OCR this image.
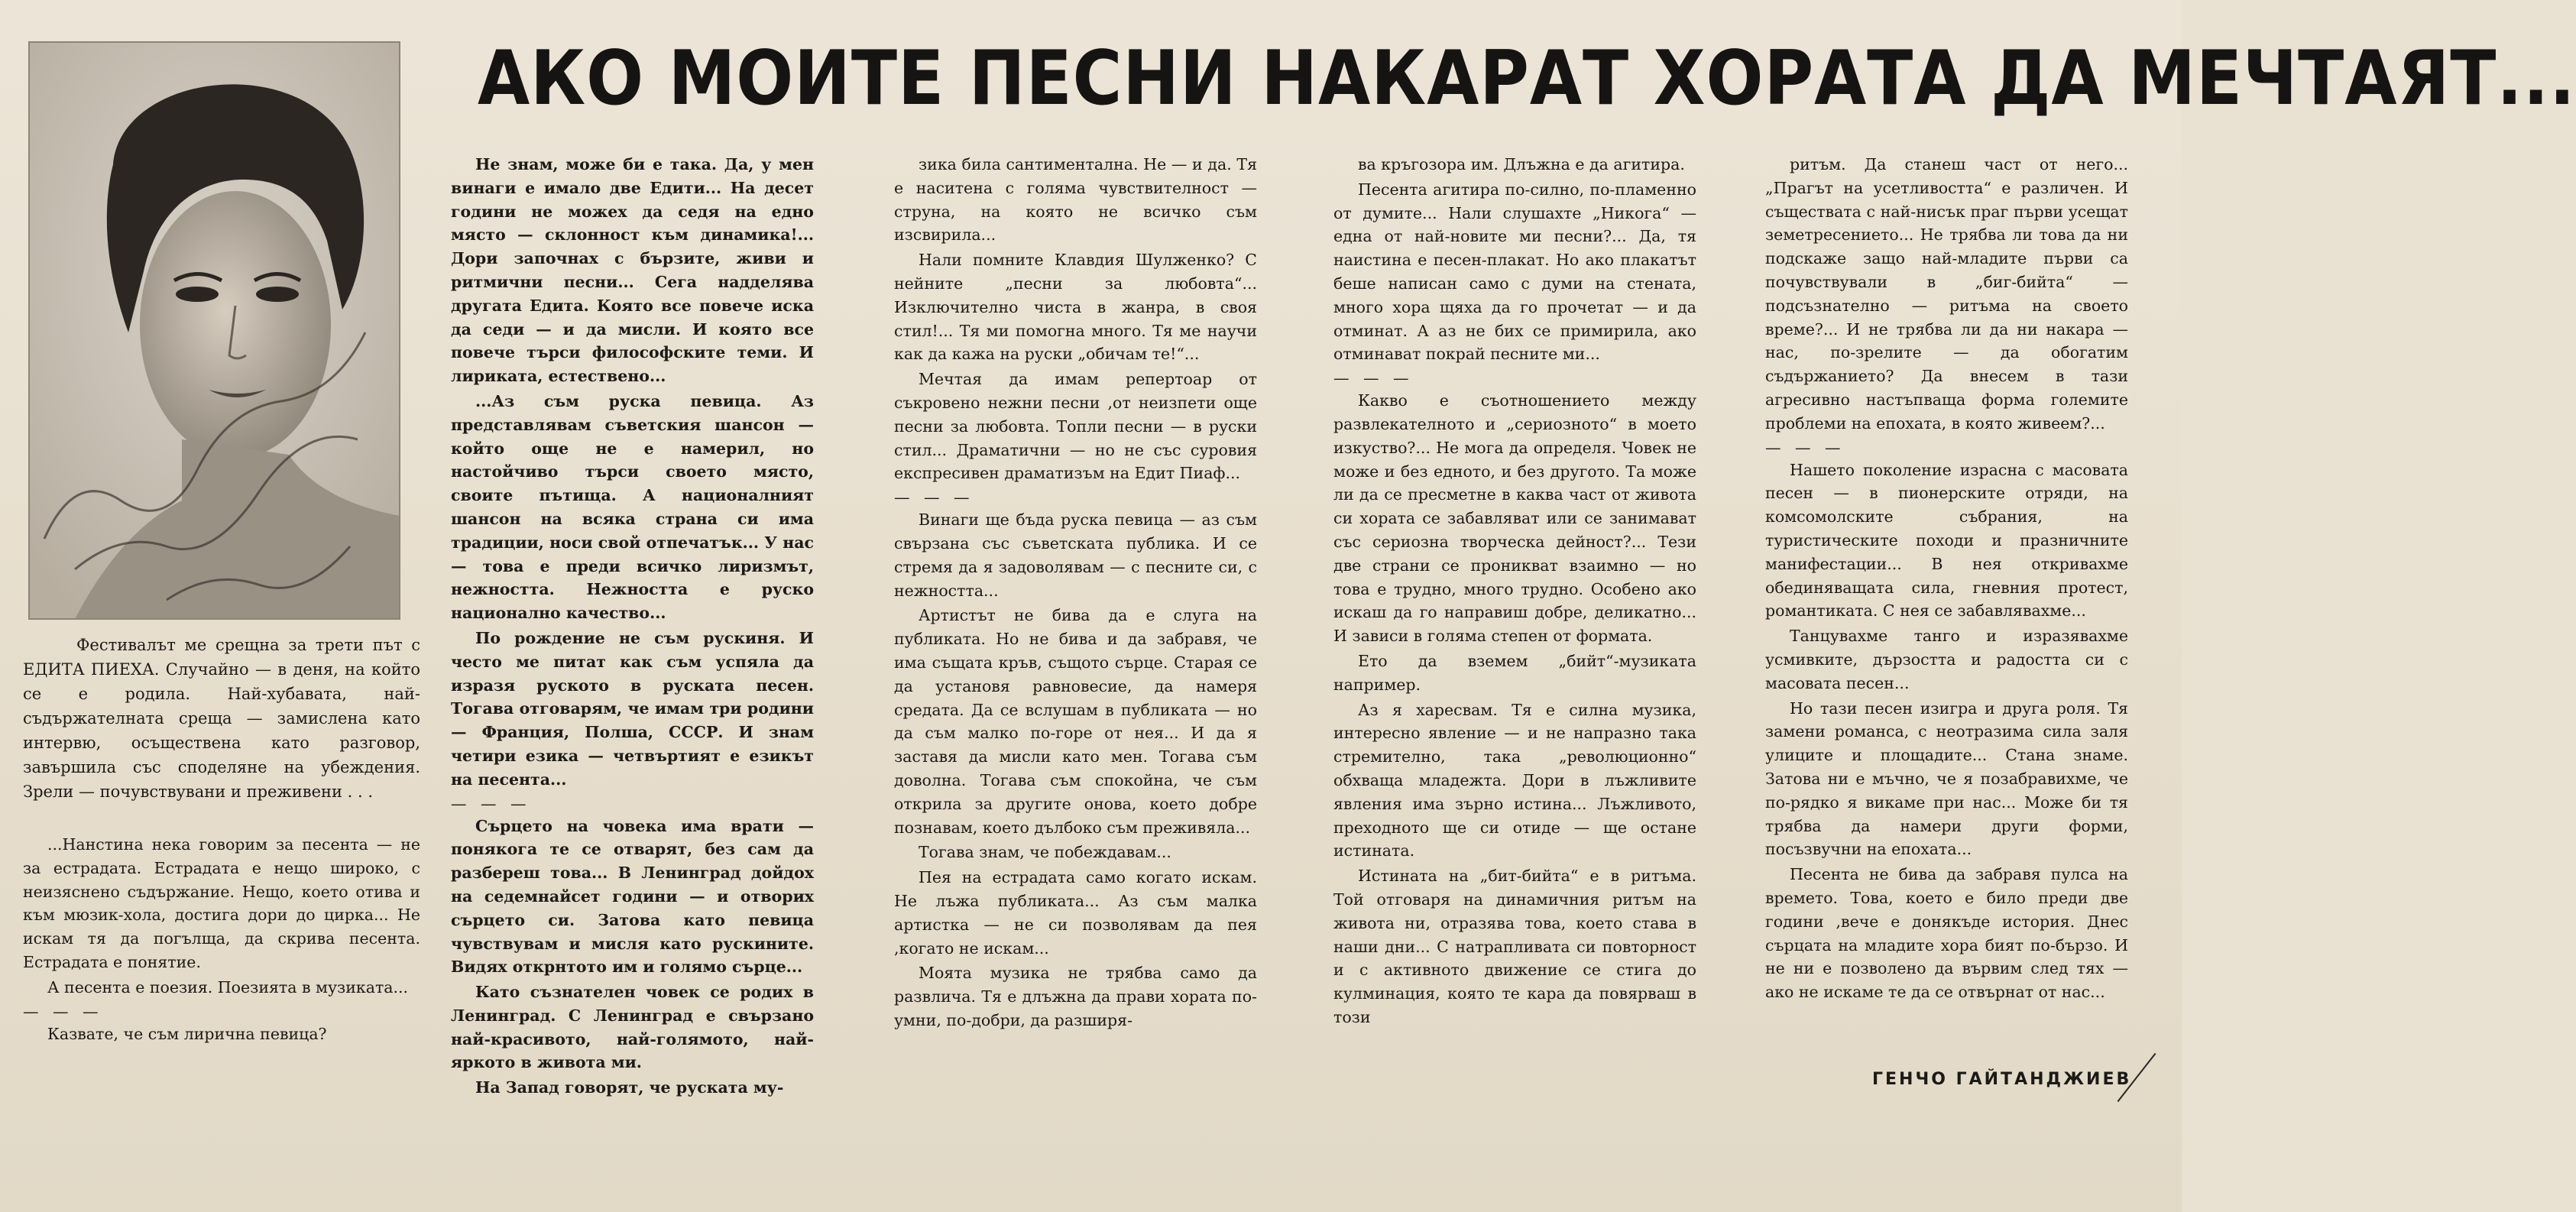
АКО МОИТЕ ПЕСНИ НАКАРАТ ХОРАТА ДА МЕЧТАЯТ...

Фестивалът ме срещна за трети път с ЕДИТА ПИЕХА. Случайно — в деня, на който се е родила. Най-хубавата, най-съдържателната среща — замислена като интервю, осъществена като разговор, завършила със споделяне на убеждения. Зрели — почувствувани и преживени . . .

...Нанстина нека говорим за песента — не за естрадата. Естрадата е нещо широко, с неизяснено съдържание. Нещо, което отива и към мюзик-хола, достига дори до цирка... Не искам тя да погълща, да скрива песента. Естрадата е понятие.

А песента е поезия. Поезията в музиката...

— — —

Казвате, че съм лирична певица?

Не знам, може би е така. Да, у мен винаги е имало две Едити... На десет години не можех да седя на едно място — склонност към динамика!... Дори започнах с бързите, живи и ритмични песни... Сега надделява другата Едита. Която все повече иска да седи — и да мисли. И която все повече търси философските теми. И лириката, естествено...

...Аз съм руска певица. Аз представлявам съветския шансон — който още не е намерил, но настойчиво търси своето място, своите пътища. А националният шансон на всяка страна си има традиции, носи свой отпечатък... У нас — това е преди всичко лиризмът, нежността. Нежността е руско национално качество...

По рождение не съм рускиня. И често ме питат как съм успяла да изразя руското в руската песен. Тогава отговарям, че имам три родини — Франция, Полша, СССР. И знам четири езика — четвъртият е езикът на песента...

— — —

Сърцето на човека има врати — понякога те се отварят, без сам да разбереш това... В Ленинград дойдох на седемнайсет години — и отворих сърцето си. Затова като певица чувствувам и мисля като рускините. Видях открнтото им и голямо сърце...

Като съзнателен човек се родих в Ленинград. С Ленинград е свързано най-красивото, най-голямото, най-яркото в живота ми.

На Запад говорят, че руската му-

зика била сантиментална. Не — и да. Тя е наситена с голяма чувствителност — струна, на която не всичко съм изсвирила...

Нали помните Клавдия Шулженко? С нейните „песни за любовта“... Изключително чиста в жанра, в своя стил!... Тя ми помогна много. Тя ме научи как да кажа на руски „обичам те!“...

Мечтая да имам репертоар от съкровено нежни песни ,от неизпети още песни за любовта. Топли песни — в руски стил... Драматични — но не със суровия експресивен драматизъм на Едит Пиаф...

— — —

Винаги ще бъда руска певица — аз съм свързана със съветската публика. И се стремя да я задоволявам — с песните си, с нежността...

Артистът не бива да е слуга на публиката. Но не бива и да забравя, че има същата кръв, същото сърце. Старая се да установя равновесие, да намеря средата. Да се вслушам в публиката — но да съм малко по-горе от нея... И да я заставя да мисли като мен. Тогава съм доволна. Тогава съм спокойна, че съм открила за другите онова, което добре познавам, което дълбоко съм преживяла...

Тогава знам, че побеждавам...

Пея на естрадата само когато искам. Не лъжа публиката... Аз съм малка артистка — не си позволявам да пея ,когато не искам...

Моята музика не трябва само да развлича. Тя е длъжна да прави хората по-умни, по-добри, да разширя-

ва кръгозора им. Длъжна е да агитира.

Песента агитира по-силно, по-пламенно от думите... Нали слушахте „Никога“ — една от най-новите ми песни?... Да, тя наистина е песен-плакат. Но ако плакатът беше написан само с думи на стената, много хора щяха да го прочетат — и да отминат. А аз не бих се примирила, ако отминават покрай песните ми...

— — —

Какво е съотношението между развлекателното и „сериозното“ в моето изкуство?... Не мога да определя. Човек не може и без едното, и без другото. Та може ли да се пресметне в каква част от живота си хората се забавляват или се занимават със сериозна творческа дейност?... Тези две страни се проникват взаимно — но това е трудно, много трудно. Особено ако искаш да го направиш добре, деликатно... И зависи в голяма степен от формата.

Ето да вземем „бийт“-музиката например.

Аз я харесвам. Тя е силна музика, интересно явление — и не напразно така стремително, така „революционно“ обхваща младежта. Дори в лъжливите явления има зърно истина... Лъжливото, преходното ще си отиде — ще остане истината.

Истината на „бит-бийта“ е в ритъма. Той отговаря на динамичния ритъм на живота ни, отразява това, което става в наши дни... С натрапливата си повторност и с активното движение се стига до кулминация, която те кара да повярваш в този

ритъм. Да станеш част от него... „Прагът на усетливостта“ е различен. И съществата с най-нисък праг първи усещат земетресението... Не трябва ли това да ни подскаже защо най-младите първи са почувствували в „биг-бийта“ — подсъзнателно — ритъма на своето време?... И не трябва ли да ни накара — нас, по-зрелите — да обогатим съдържанието? Да внесем в тази агресивно настъпваща форма големите проблеми на епохата, в която живеем?...

— — —

Нашето поколение израсна с масовата песен — в пионерските отряди, на комсомолските събрания, на туристическите походи и празничните манифестации... В нея откривахме обединяващата сила, гневния протест, романтиката. С нея се забавлявахме...

Танцувахме танго и изразявахме усмивките, дързостта и радостта си с масовата песен...

Но тази песен изигра и друга роля. Тя замени романса, с неотразима сила заля улиците и площадите... Стана знаме. Затова ни е мъчно, че я позабравихме, че по-рядко я викаме при нас... Може би тя трябва да намери други форми, посъзвучни на епохата...

Песента не бива да забравя пулса на времето. Това, което е било преди две години ,вече е донякъде история. Днес сърцата на младите хора бият по-бързо. И не ни е позволено да вървим след тях — ако не искаме те да се отвърнат от нас...

ГЕНЧО ГАЙТАНДЖИЕВ
